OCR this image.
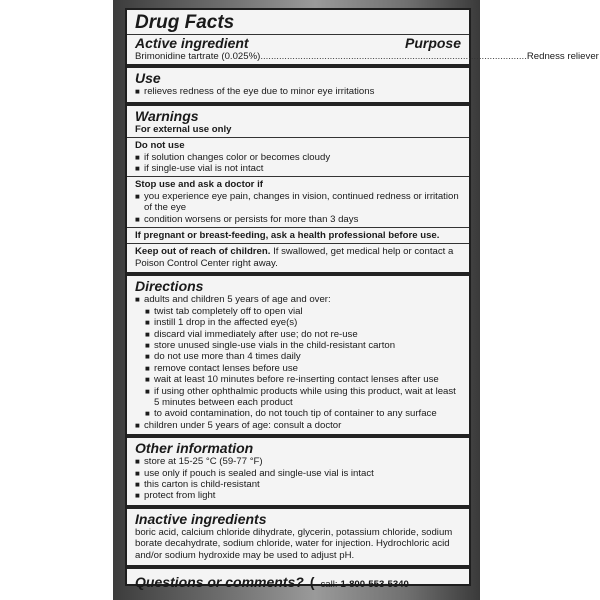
Drug Facts
Active ingredient	Purpose
Brimonidine tartrate (0.025%) .................................................................................................... Redness reliever
Use
■ relieves redness of the eye due to minor eye irritations
Warnings
For external use only
Do not use
■ if solution changes color or becomes cloudy
■ if single-use vial is not intact
Stop use and ask a doctor if
■ you experience eye pain, changes in vision, continued redness or irritation of the eye
■ condition worsens or persists for more than 3 days
If pregnant or breast-feeding, ask a health professional before use.
Keep out of reach of children. If swallowed, get medical help or contact a Poison Control Center right away.
Directions
■ adults and children 5 years of age and over:
■ twist tab completely off to open vial
■ instill 1 drop in the affected eye(s)
■ discard vial immediately after use; do not re-use
■ store unused single-use vials in the child-resistant carton
■ do not use more than 4 times daily
■ remove contact lenses before use
■ wait at least 10 minutes before re-inserting contact lenses after use
■ if using other ophthalmic products while using this product, wait at least 5 minutes between each product
■ to avoid contamination, do not touch tip of container to any surface
■ children under 5 years of age: consult a doctor
Other information
■ store at 15-25 °C (59-77 °F)
■ use only if pouch is sealed and single-use vial is intact
■ this carton is child-resistant
■ protect from light
Inactive ingredients
boric acid, calcium chloride dihydrate, glycerin, potassium chloride, sodium borate decahydrate, sodium chloride, water for injection. Hydrochloric acid and/or sodium hydroxide may be used to adjust pH.
Questions or comments? ( call: 1-800-553-5340
